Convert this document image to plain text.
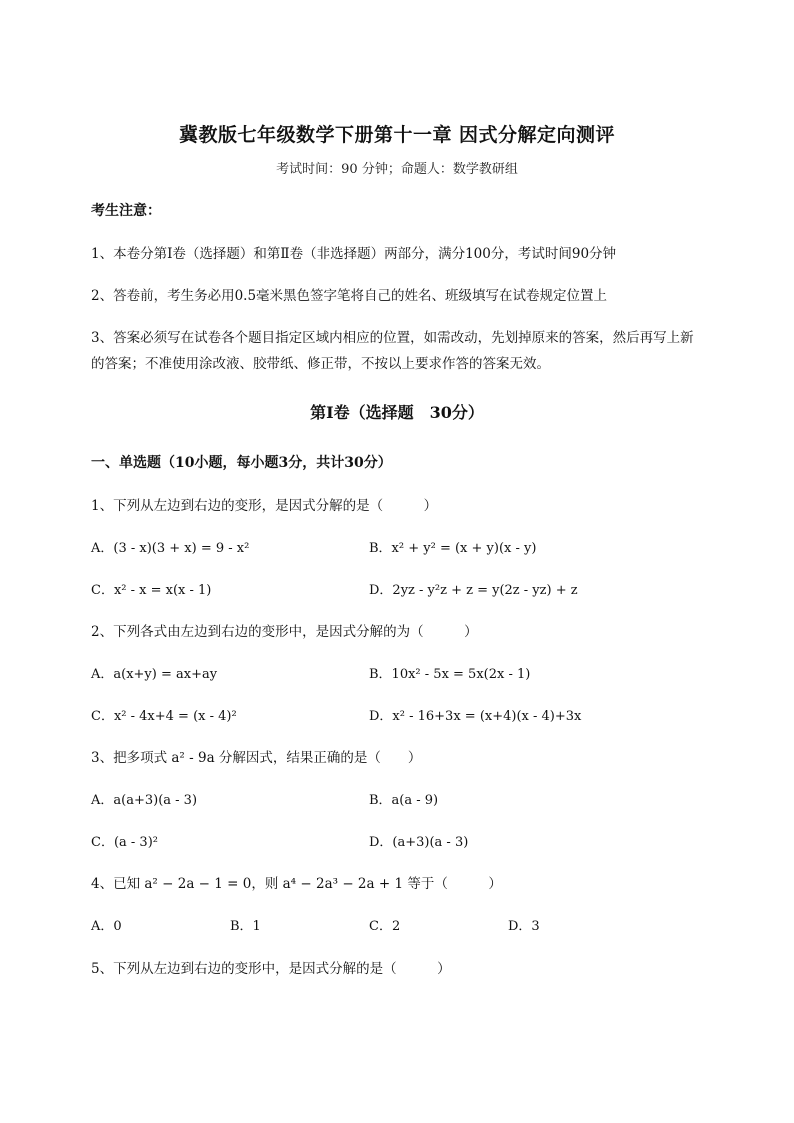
冀教版七年级数学下册第十一章 因式分解定向测评
考试时间：90 分钟；命题人：数学教研组
考生注意：
1、本卷分第Ⅰ卷（选择题）和第Ⅱ卷（非选择题）两部分，满分100分，考试时间90分钟
2、答卷前，考生务必用0.5毫米黑色签字笔将自己的姓名、班级填写在试卷规定位置上
3、答案必须写在试卷各个题目指定区域内相应的位置，如需改动，先划掉原来的答案，然后再写上新
的答案；不准使用涂改液、胶带纸、修正带，不按以上要求作答的答案无效。
第Ⅰ卷（选择题　30分）
一、单选题（10小题，每小题3分，共计30分）
1、下列从左边到右边的变形，是因式分解的是（　　　）
A．(3 - x)(3 + x) = 9 - x²	B．x² + y² = (x + y)(x - y)
C．x² - x = x(x - 1)	D．2yz - y²z + z = y(2z - yz) + z
2、下列各式由左边到右边的变形中，是因式分解的为（　　　）
A．a(x+y) = ax+ay	B．10x² - 5x = 5x(2x - 1)
C．x² - 4x+4 = (x - 4)²	D．x² - 16+3x = (x+4)(x - 4)+3x
3、把多项式 a² - 9a 分解因式，结果正确的是（　　）
A．a(a+3)(a - 3)	B．a(a - 9)
C．(a - 3)²	D．(a+3)(a - 3)
4、已知 a² − 2a − 1 = 0，则 a⁴ − 2a³ − 2a + 1 等于（　　　）
A．0	B．1	C．2	D．3
5、下列从左边到右边的变形中，是因式分解的是（　　　）
